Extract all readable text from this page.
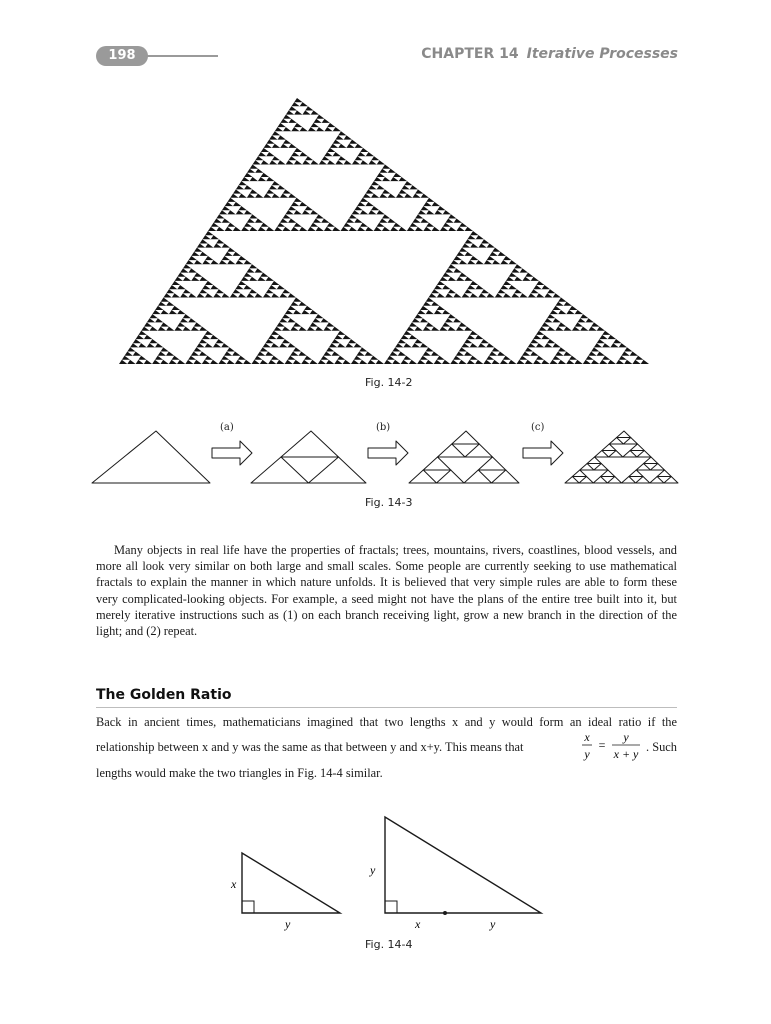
198	CHAPTER 14 Iterative Processes
Fig. 14-2
(a)	(b)	(c)
Fig. 14-3

Many objects in real life have the properties of fractals; trees, mountains, rivers, coastlines, blood vessels, and more all look very similar on both large and small scales. Some people are currently seeking to use mathematical fractals to explain the manner in which nature unfolds. It is believed that very simple rules are able to form these very complicated-looking objects. For example, a seed might not have the plans of the entire tree built into it, but merely iterative instructions such as (1) on each branch receiving light, grow a new branch in the direction of the light; and (2) repeat.

The Golden Ratio
Back in ancient times, mathematicians imagined that two lengths x and y would form an ideal ratio if the
relationship between x and y was the same as that between y and x+y. This means that
x
y
=
y
x + y . Such
lengths would make the two triangles in Fig. 14-4 similar.
x
y
y
x	y
Fig. 14-4
